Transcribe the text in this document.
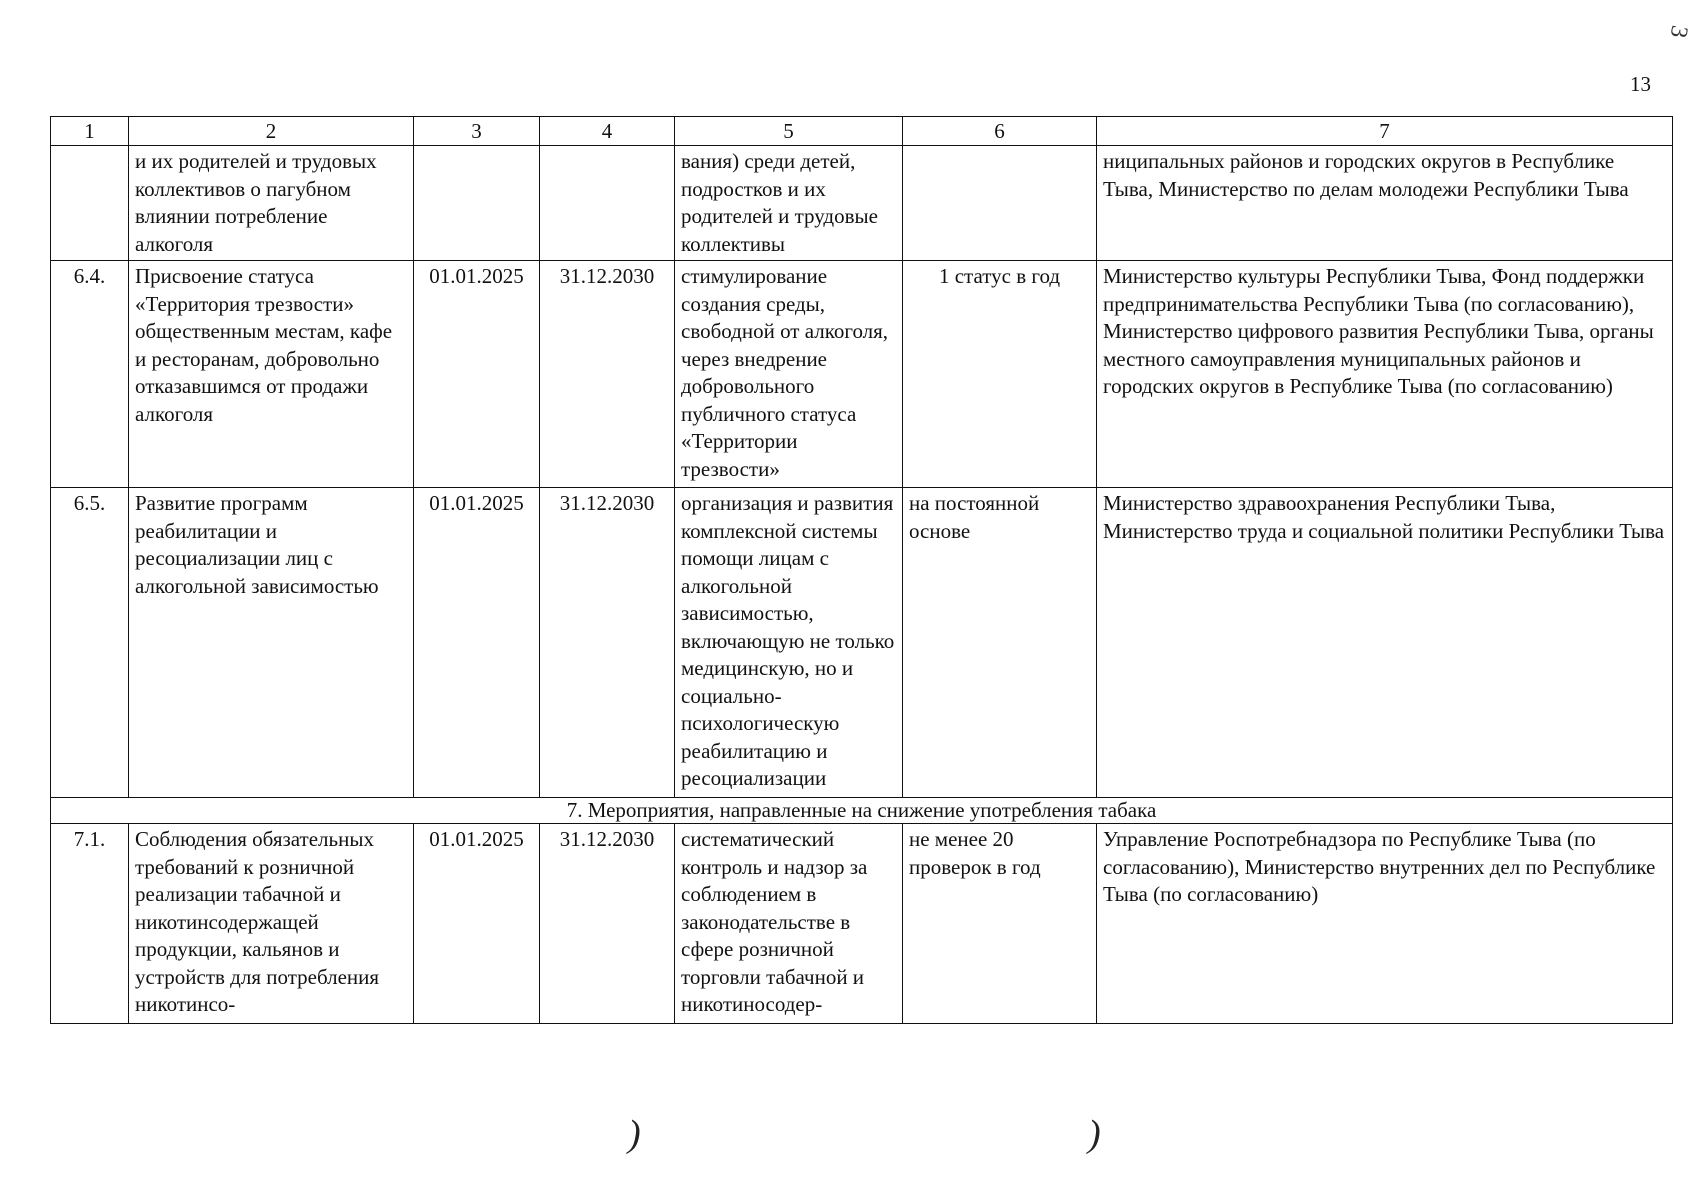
3
13
1	2	3	4	5	6	7
	и их родителей и трудовых коллективов о пагубном влиянии потребление алкоголя			вания) среди детей, подростков и их родителей и трудовые коллективы		ниципальных районов и городских округов в Республике Тыва, Министерство по делам молодежи Республики Тыва
6.4.	Присвоение статуса «Территория трезвости» общественным местам, кафе и ресторанам, добровольно отказавшимся от продажи алкоголя	01.01.2025	31.12.2030	стимулирование создания среды, свободной от алкоголя, через внедрение добровольного публичного статуса «Территории трезвости»	1 статус в год	Министерство культуры Республики Тыва, Фонд поддержки предпринимательства Республики Тыва (по согласованию), Министерство цифрового развития Республики Тыва, органы местного самоуправления муниципальных районов и городских округов в Республике Тыва (по согласованию)
6.5.	Развитие программ реабилитации и ресоциализации лиц с алкогольной зависимостью	01.01.2025	31.12.2030	организация и развития комплексной системы помощи лицам с алкогольной зависимостью, включающую не только медицинскую, но и социально-психологическую реабилитацию и ресоциализации	на постоянной основе	Министерство здравоохранения Республики Тыва, Министерство труда и социальной политики Республики Тыва
7. Мероприятия, направленные на снижение употребления табака						
7.1.	Соблюдения обязательных требований к розничной реализации табачной и никотинсодержащей продукции, кальянов и устройств для потребления никотинсо-	01.01.2025	31.12.2030	систематический контроль и надзор за соблюдением в законодательстве в сфере розничной торговли табачной и никотиносодер-	не менее 20 проверок в год	Управление Роспотребнадзора по Республике Тыва (по согласованию), Министерство внутренних дел по Республике Тыва (по согласованию)
)	)
